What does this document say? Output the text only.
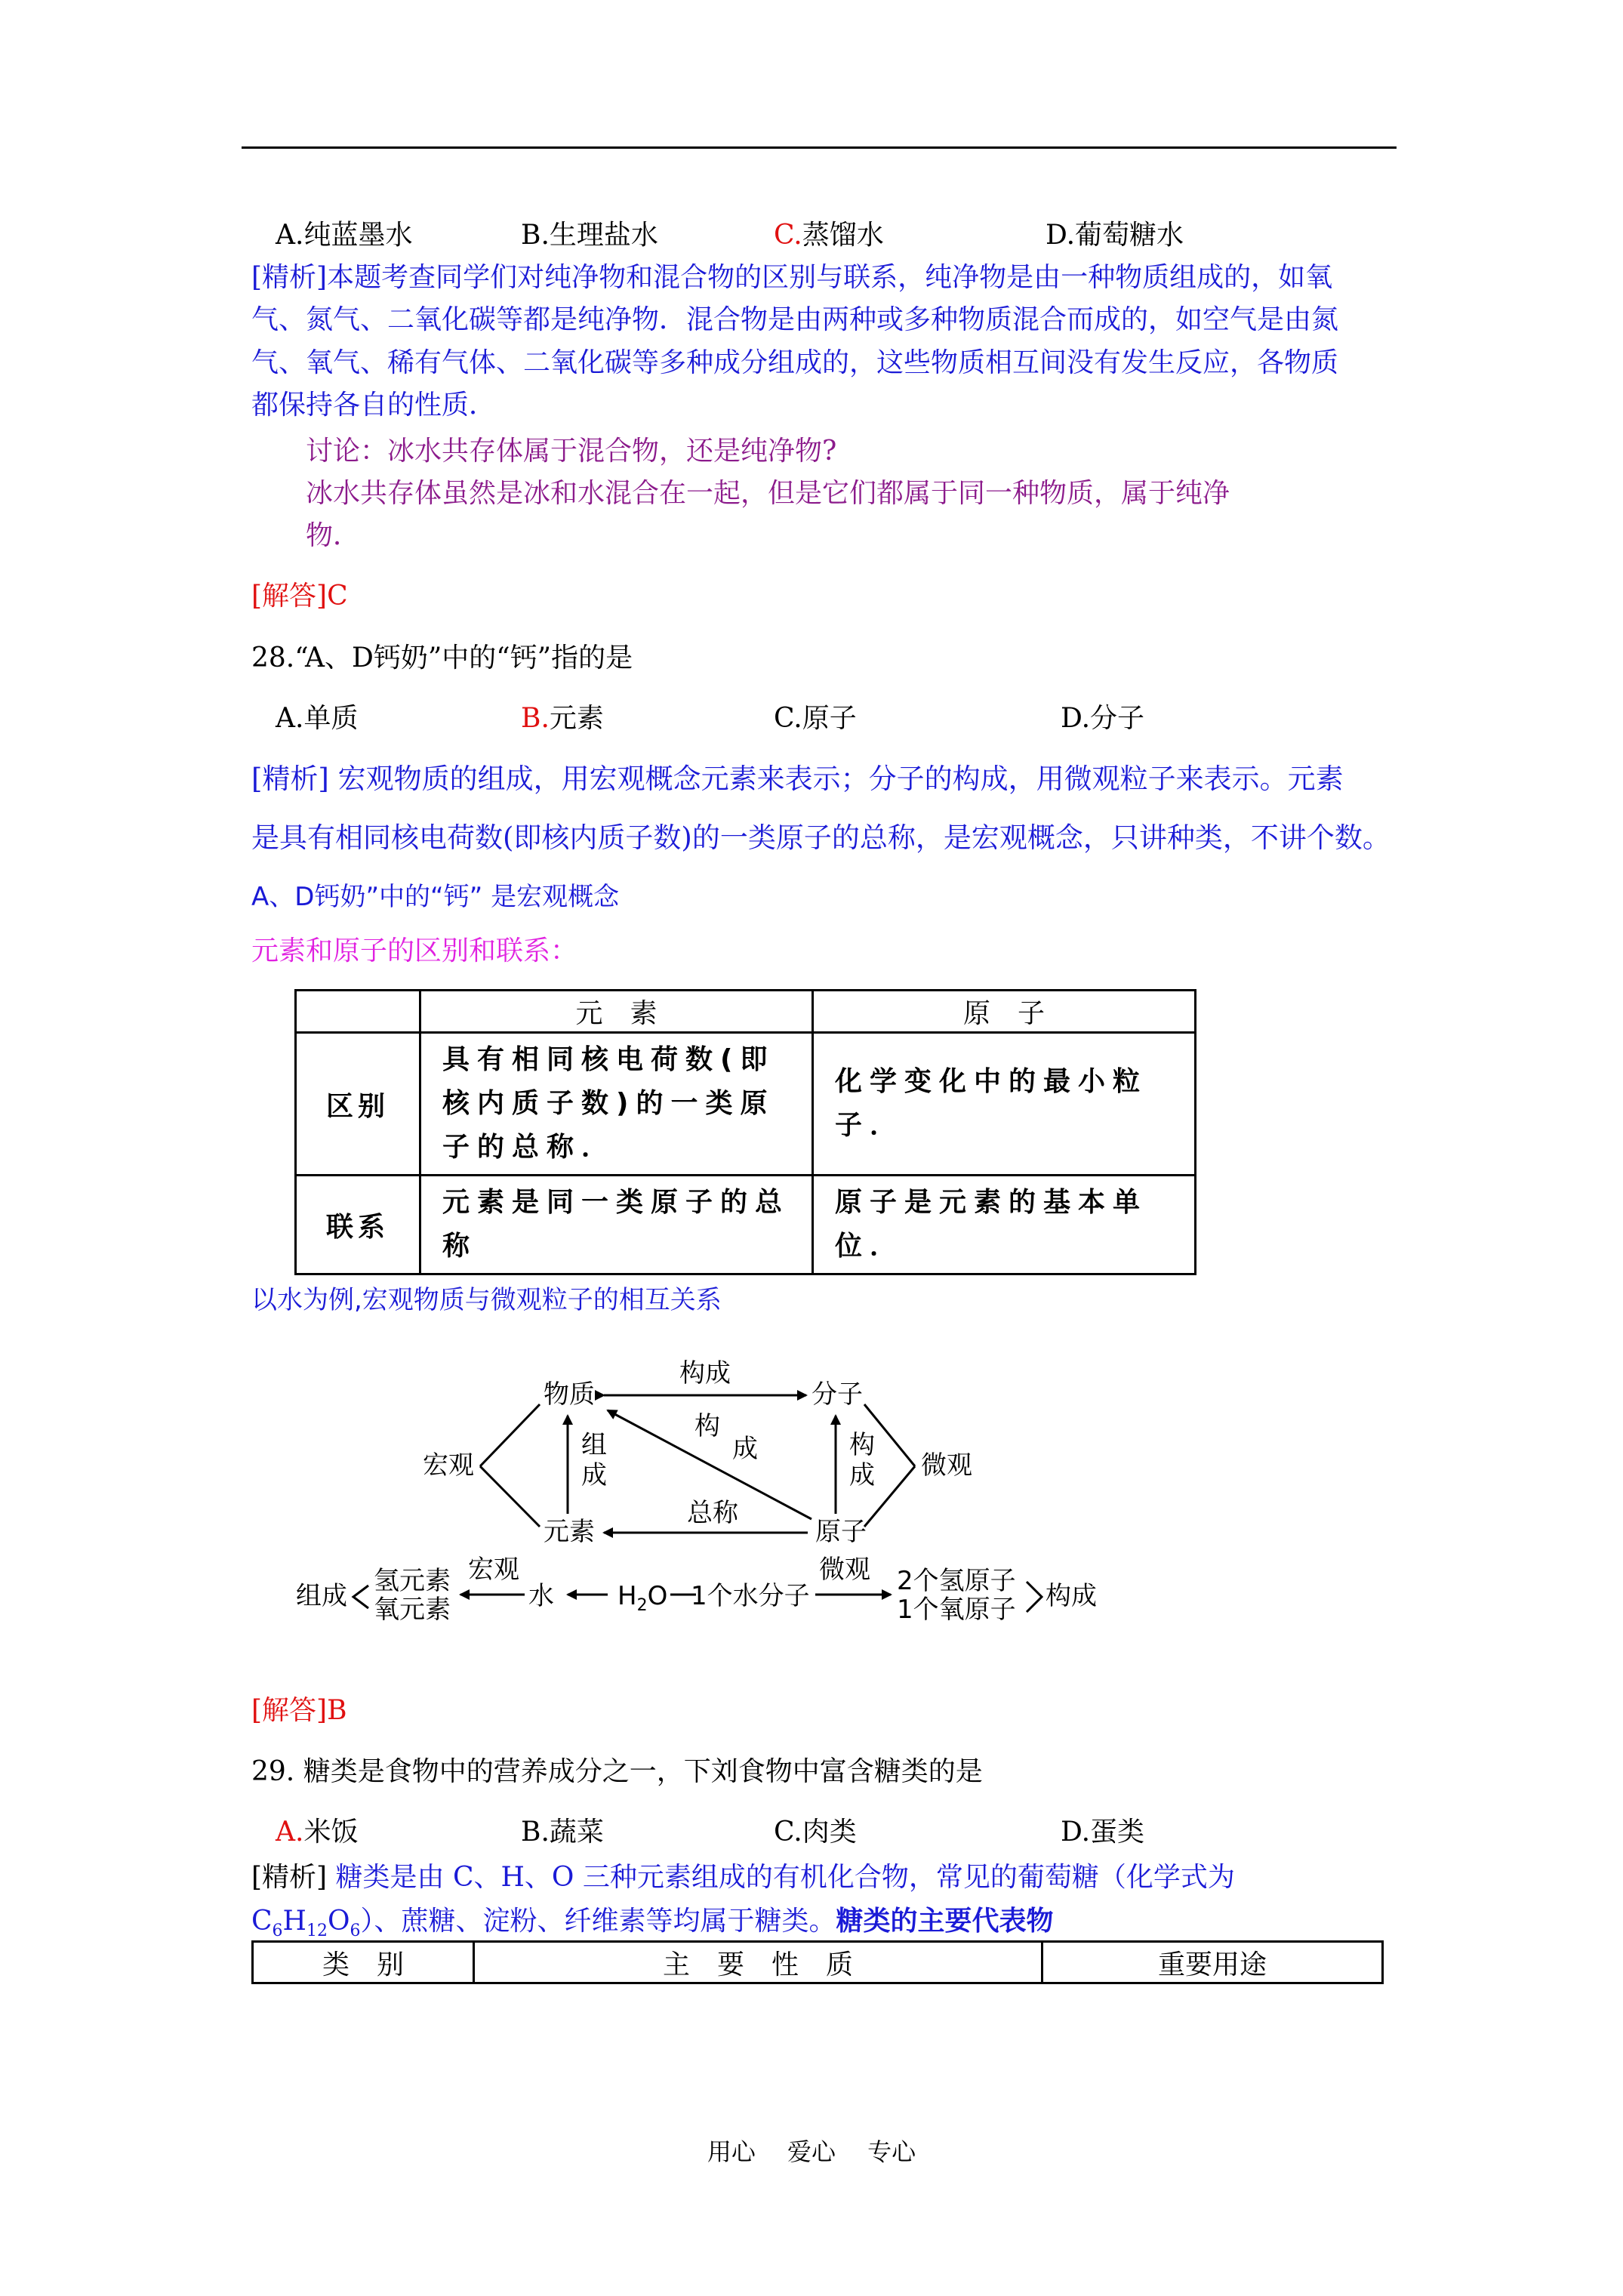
A.纯蓝墨水	B.生理盐水	C.蒸馏水	D.葡萄糖水
[精析]本题考查同学们对纯净物和混合物的区别与联系，纯净物是由一种物质组成的，如氧
气、氮气、二氧化碳等都是纯净物．混合物是由两种或多种物质混合而成的，如空气是由氮
气、氧气、稀有气体、二氧化碳等多种成分组成的，这些物质相互间没有发生反应，各物质
都保持各自的性质．
讨论：冰水共存体属于混合物，还是纯净物?
冰水共存体虽然是冰和水混合在一起，但是它们都属于同一种物质，属于纯净
物．
[解答]C
28.“A、D钙奶”中的“钙”指的是
A.单质	B.元素	C.原子	D.分子
[精析] 宏观物质的组成，用宏观概念元素来表示；分子的构成，用微观粒子来表示。元素
是具有相同核电荷数(即核内质子数)的一类原子的总称，是宏观概念，只讲种类，不讲个数。
A、D钙奶”中的“钙” 是宏观概念
元素和原子的区别和联系：
	元　素	原　子
区别	具有相同核电荷数(即核内质子数)的一类原子的总称．	化学变化中的最小粒子．
联系	元素是同一类原子的总称	原子是元素的基本单位．
以水为例,宏观物质与微观粒子的相互关系
物质	分子
元素	原子
宏观	微观
构成
构
成
组
成
构
成
总称
组成 氢元素
氧元素
宏观
水 $H_2O$ 1个水分子
微观 2个氢原子
1个氧原子 构成
[解答]B
29. 糖类是食物中的营养成分之一，下刘食物中富含糖类的是
A.米饭	B.蔬菜	C.肉类	D.蛋类
[精析] 糖类是由 C、H、O 三种元素组成的有机化合物，常见的葡萄糖（化学式为
$C_6H_{12}O_6$）、蔗糖、淀粉、纤维素等均属于糖类。糖类的主要代表物
类　别	主　要　性　质	重要用途
用心　 爱心　 专心
